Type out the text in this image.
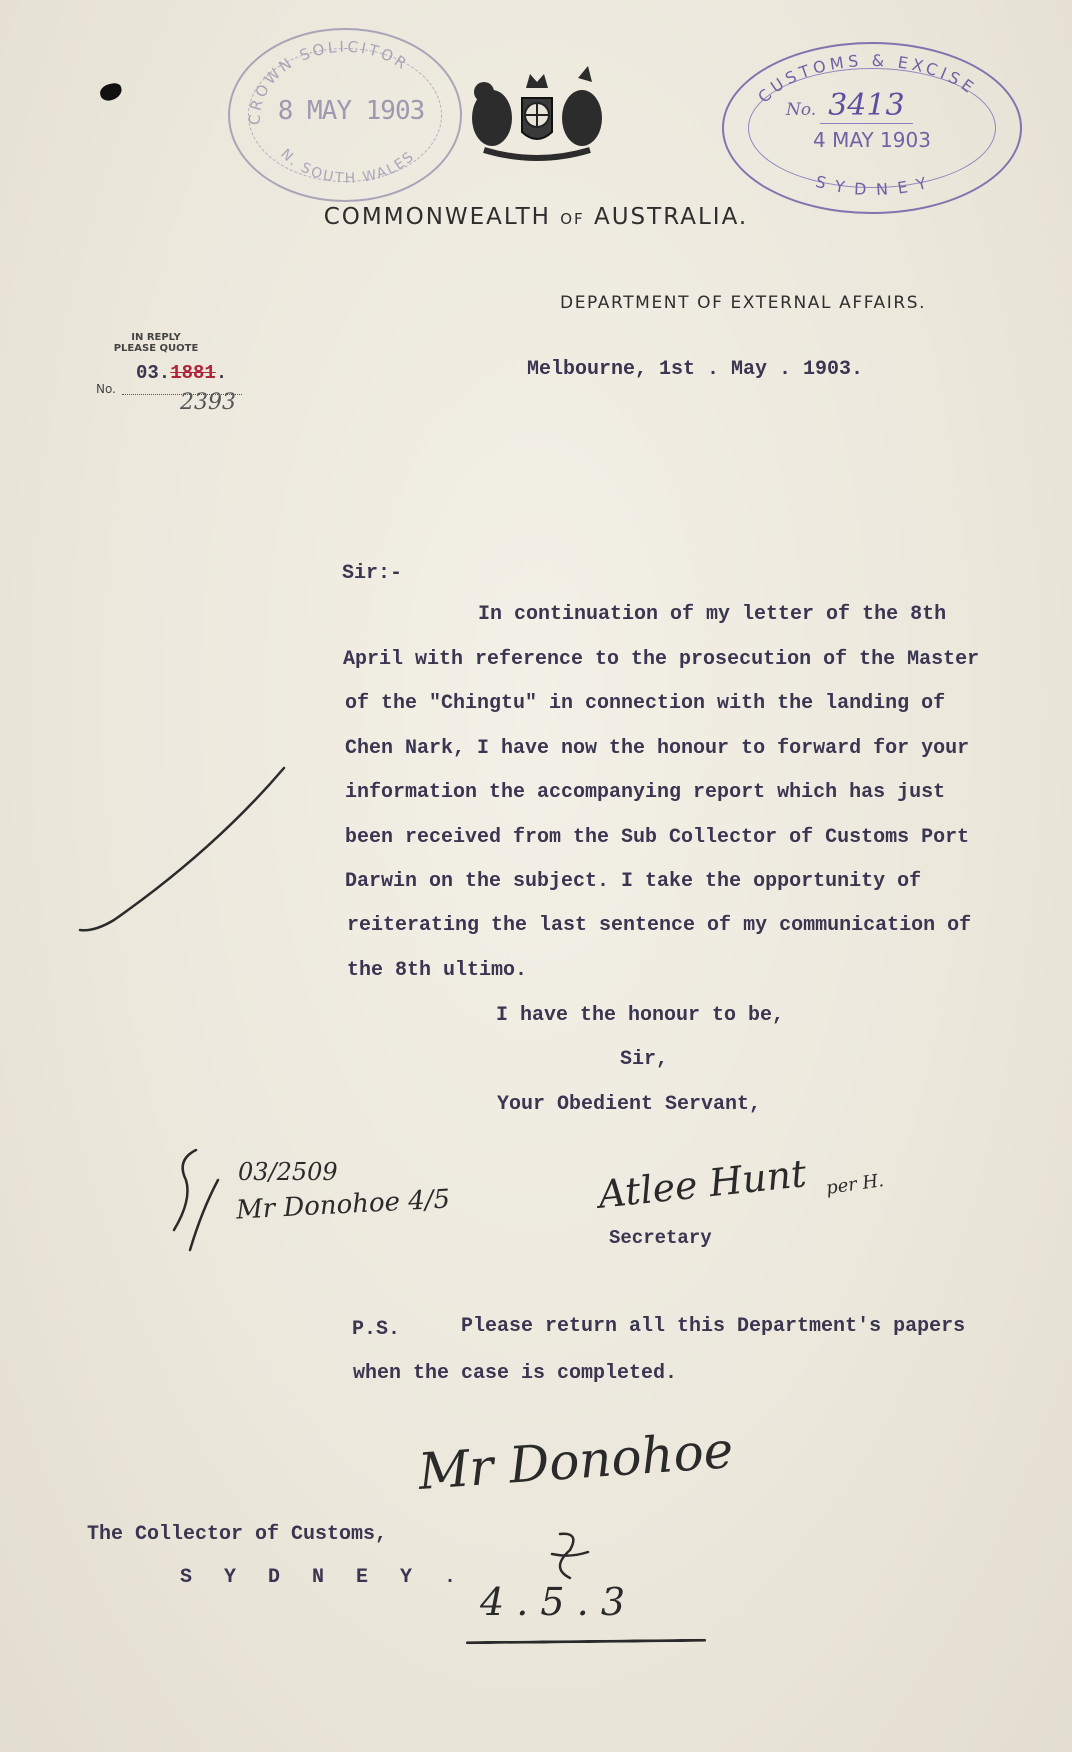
CROWN SOLICITOR
N. SOUTH WALES
8 MAY 1903
CUSTOMS & EXCISE
SYDNEY
No. 3413
4 MAY 1903
COMMONWEALTH OF AUSTRALIA.
DEPARTMENT OF EXTERNAL AFFAIRS.
IN REPLY
PLEASE QUOTE
03.1881.
No.
2393
Melbourne, 1st . May . 1903.
Sir:-
In continuation of my letter of the 8th
April with reference to the prosecution of the Master
of the "Chingtu" in connection with the landing of
Chen Nark, I have now the honour to forward for your
information the accompanying report which has just
been received from the Sub Collector of Customs Port
Darwin on the subject. I take the opportunity of
reiterating the last sentence of my communication of
the 8th ultimo.
I have the honour to be,
Sir,
Your Obedient Servant,
03/2509
Mr Donohoe 4/5	Atlee Hunt per H.
Secretary
P.S.	Please return all this Department's papers
when the case is completed.
Mr Donohoe
4 . 5 . 3
The Collector of Customs,
S Y D N E Y .
